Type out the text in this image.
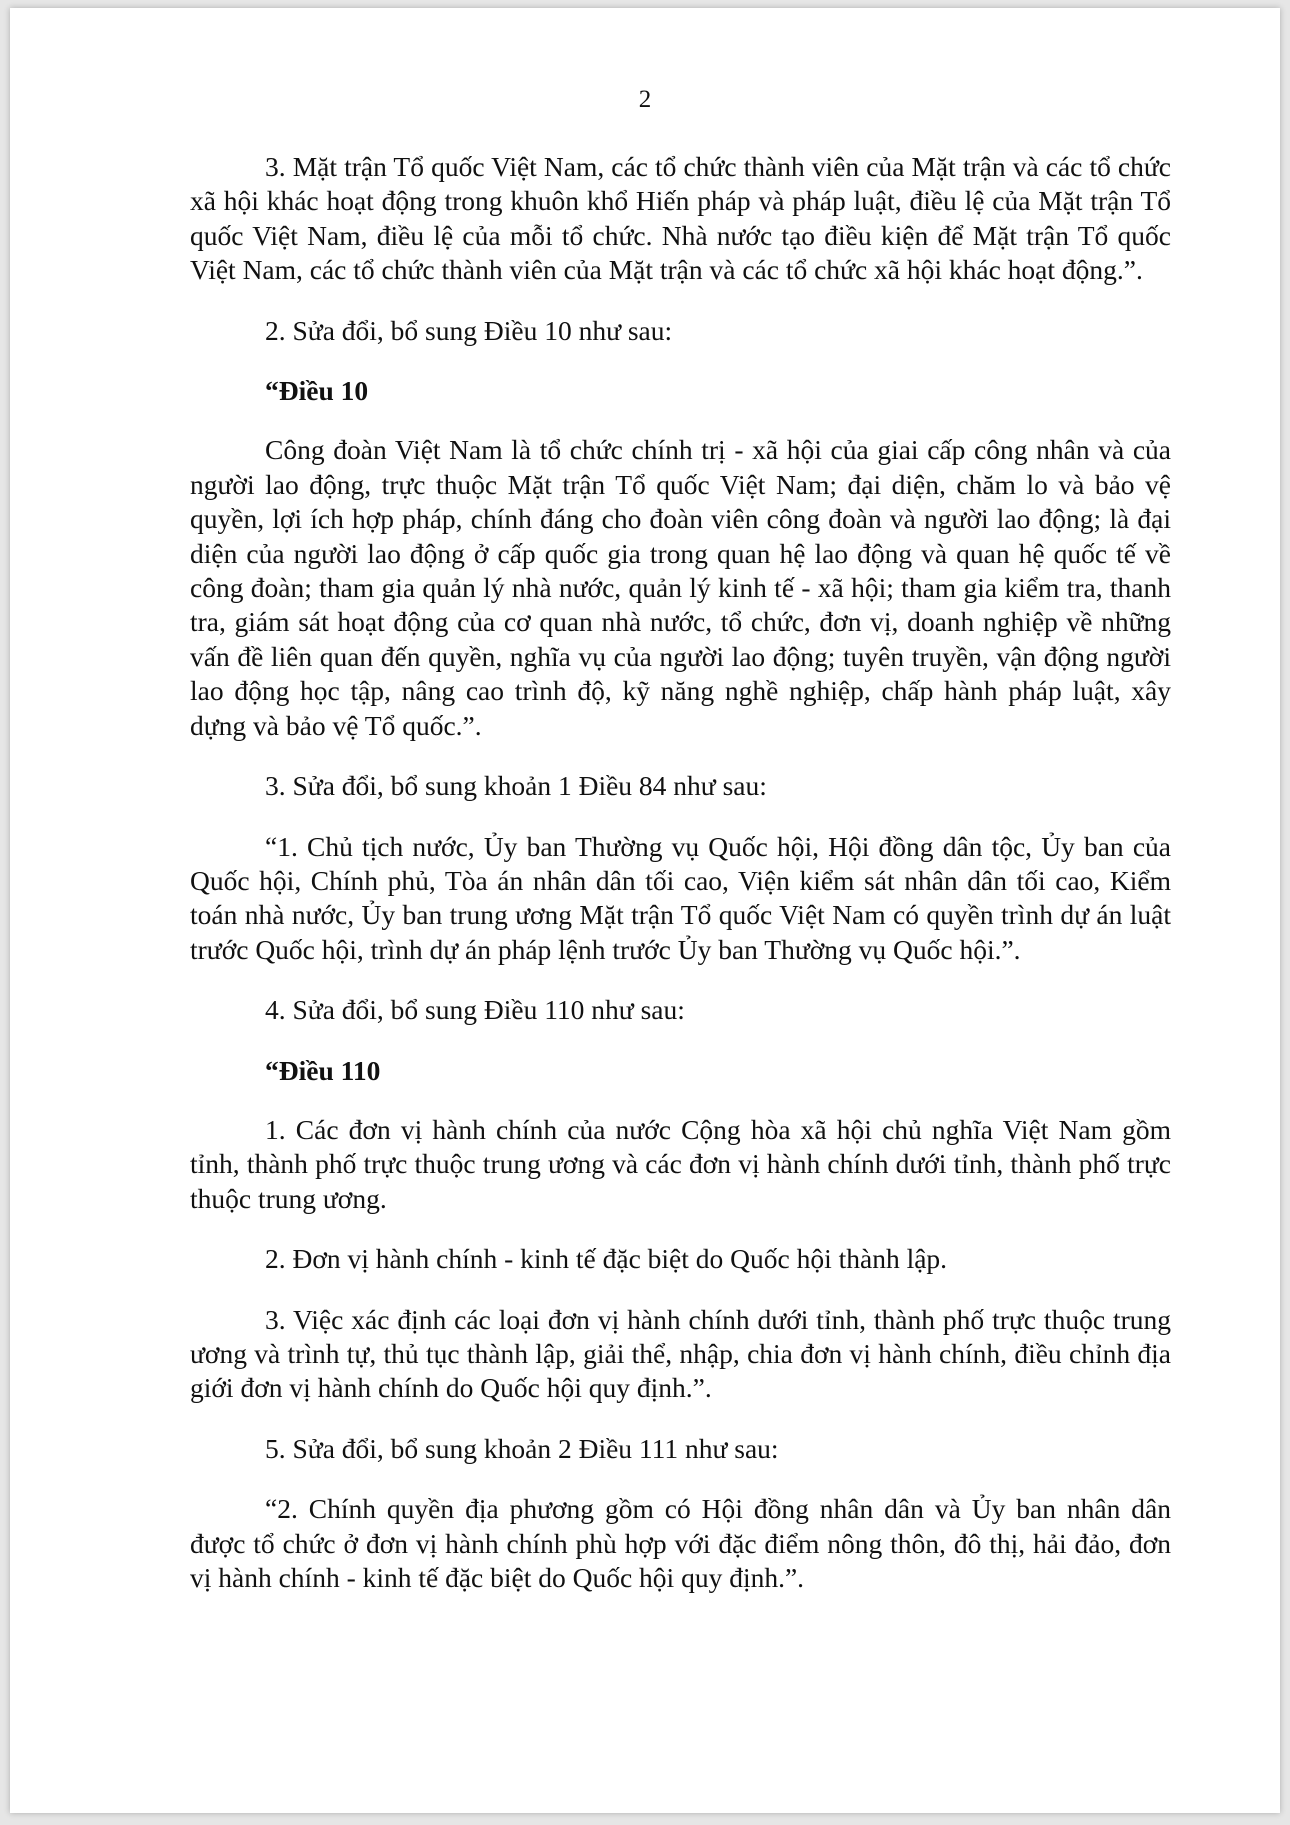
2

3. Mặt trận Tổ quốc Việt Nam, các tổ chức thành viên của Mặt trận và các tổ chức xã hội khác hoạt động trong khuôn khổ Hiến pháp và pháp luật, điều lệ của Mặt trận Tổ quốc Việt Nam, điều lệ của mỗi tổ chức. Nhà nước tạo điều kiện để Mặt trận Tổ quốc Việt Nam, các tổ chức thành viên của Mặt trận và các tổ chức xã hội khác hoạt động.”.

2. Sửa đổi, bổ sung Điều 10 như sau:

“Điều 10

Công đoàn Việt Nam là tổ chức chính trị - xã hội của giai cấp công nhân và của người lao động, trực thuộc Mặt trận Tổ quốc Việt Nam; đại diện, chăm lo và bảo vệ quyền, lợi ích hợp pháp, chính đáng cho đoàn viên công đoàn và người lao động; là đại diện của người lao động ở cấp quốc gia trong quan hệ lao động và quan hệ quốc tế về công đoàn; tham gia quản lý nhà nước, quản lý kinh tế - xã hội; tham gia kiểm tra, thanh tra, giám sát hoạt động của cơ quan nhà nước, tổ chức, đơn vị, doanh nghiệp về những vấn đề liên quan đến quyền, nghĩa vụ của người lao động; tuyên truyền, vận động người lao động học tập, nâng cao trình độ, kỹ năng nghề nghiệp, chấp hành pháp luật, xây dựng và bảo vệ Tổ quốc.”.

3. Sửa đổi, bổ sung khoản 1 Điều 84 như sau:

“1. Chủ tịch nước, Ủy ban Thường vụ Quốc hội, Hội đồng dân tộc, Ủy ban của Quốc hội, Chính phủ, Tòa án nhân dân tối cao, Viện kiểm sát nhân dân tối cao, Kiểm toán nhà nước, Ủy ban trung ương Mặt trận Tổ quốc Việt Nam có quyền trình dự án luật trước Quốc hội, trình dự án pháp lệnh trước Ủy ban Thường vụ Quốc hội.”.

4. Sửa đổi, bổ sung Điều 110 như sau:

“Điều 110

1. Các đơn vị hành chính của nước Cộng hòa xã hội chủ nghĩa Việt Nam gồm tỉnh, thành phố trực thuộc trung ương và các đơn vị hành chính dưới tỉnh, thành phố trực thuộc trung ương.

2. Đơn vị hành chính - kinh tế đặc biệt do Quốc hội thành lập.

3. Việc xác định các loại đơn vị hành chính dưới tỉnh, thành phố trực thuộc trung ương và trình tự, thủ tục thành lập, giải thể, nhập, chia đơn vị hành chính, điều chỉnh địa giới đơn vị hành chính do Quốc hội quy định.”.

5. Sửa đổi, bổ sung khoản 2 Điều 111 như sau:

“2. Chính quyền địa phương gồm có Hội đồng nhân dân và Ủy ban nhân dân được tổ chức ở đơn vị hành chính phù hợp với đặc điểm nông thôn, đô thị, hải đảo, đơn vị hành chính - kinh tế đặc biệt do Quốc hội quy định.”.
